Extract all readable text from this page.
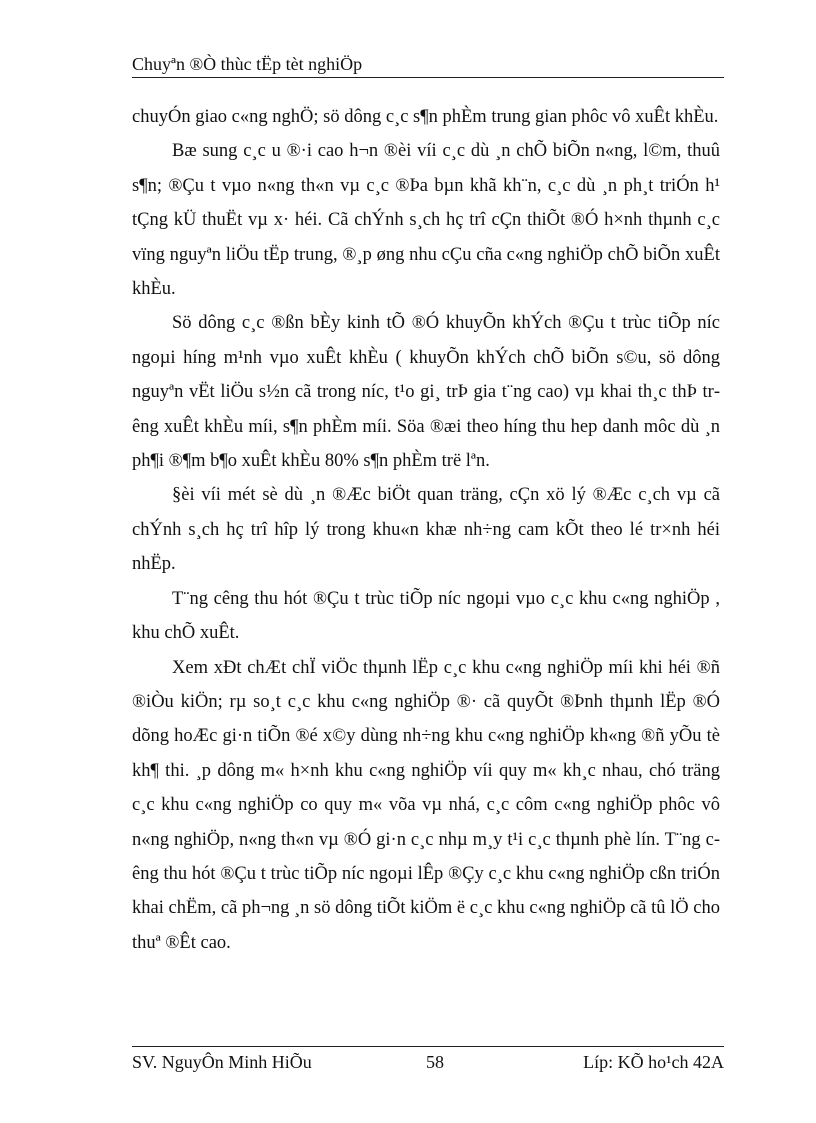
Chuyªn ®Ò thùc tËp tèt nghiÖp

chuyÓn giao c«ng nghÖ; sö dông c¸c s¶n phÈm trung gian phôc vô xuÊt khÈu.

Bæ sung c¸c u ®·i cao h¬n ®èi víi c¸c dù ¸n chÕ biÕn n«ng, l©m, thuû s¶n; ®Çu t vµo n«ng th«n vµ c¸c ®Þa bµn khã kh¨n, c¸c dù ¸n ph¸t triÓn h¹ tÇng kÜ thuËt vµ x· héi. Cã chÝnh s¸ch hç trî cÇn thiÕt ®Ó h×nh thµnh c¸c vïng nguyªn liÖu tËp trung, ®¸p øng nhu cÇu cña c«ng nghiÖp chÕ biÕn xuÊt khÈu.

Sö dông c¸c ®ßn bÈy kinh tÕ ®Ó khuyÕn khÝch ®Çu t trùc tiÕp níc ngoµi híng m¹nh vµo xuÊt khÈu ( khuyÕn khÝch chÕ biÕn s©u, sö dông nguyªn vËt liÖu s½n cã trong níc, t¹o gi¸ trÞ gia t¨ng cao) vµ khai th¸c thÞ trêng xuÊt khÈu míi, s¶n phÈm míi. Söa ®æi theo híng thu hep danh môc dù ¸n ph¶i ®¶m b¶o xuÊt khÈu 80% s¶n phÈm trë lªn.

§èi víi mét sè dù ¸n ®Æc biÖt quan träng, cÇn xö lý ®Æc c¸ch vµ cã chÝnh s¸ch hç trî hîp lý trong khu«n khæ nh÷ng cam kÕt theo lé tr×nh héi nhËp.

T¨ng cêng thu hót ®Çu t trùc tiÕp níc ngoµi vµo c¸c khu c«ng nghiÖp , khu chÕ xuÊt.

Xem xÐt chÆt chÏ viÖc thµnh lËp c¸c khu c«ng nghiÖp míi khi héi ®ñ ®iÒu kiÖn; rµ so¸t c¸c khu c«ng nghiÖp ®· cã quyÕt ®Þnh thµnh lËp ®Ó dõng hoÆc gi·n tiÕn ®é x©y dùng nh÷ng khu c«ng nghiÖp kh«ng ®ñ yÕu tè kh¶ thi. ¸p dông m« h×nh khu c«ng nghiÖp víi quy m« kh¸c nhau, chó träng c¸c khu c«ng nghiÖp co quy m« võa vµ nhá, c¸c côm c«ng nghiÖp phôc vô n«ng nghiÖp, n«ng th«n vµ ®Ó gi·n c¸c nhµ m¸y t¹i c¸c thµnh phè lín. T¨ng cêng thu hót ®Çu t trùc tiÕp níc ngoµi lÊp ®Çy c¸c khu c«ng nghiÖp cßn triÓn khai chËm, cã ph¬ng ¸n sö dông tiÕt kiÖm ë c¸c khu c«ng nghiÖp cã tû lÖ cho thuª ®Êt cao.

SV. NguyÔn Minh HiÕu	58	Líp: KÕ ho¹ch 42A
